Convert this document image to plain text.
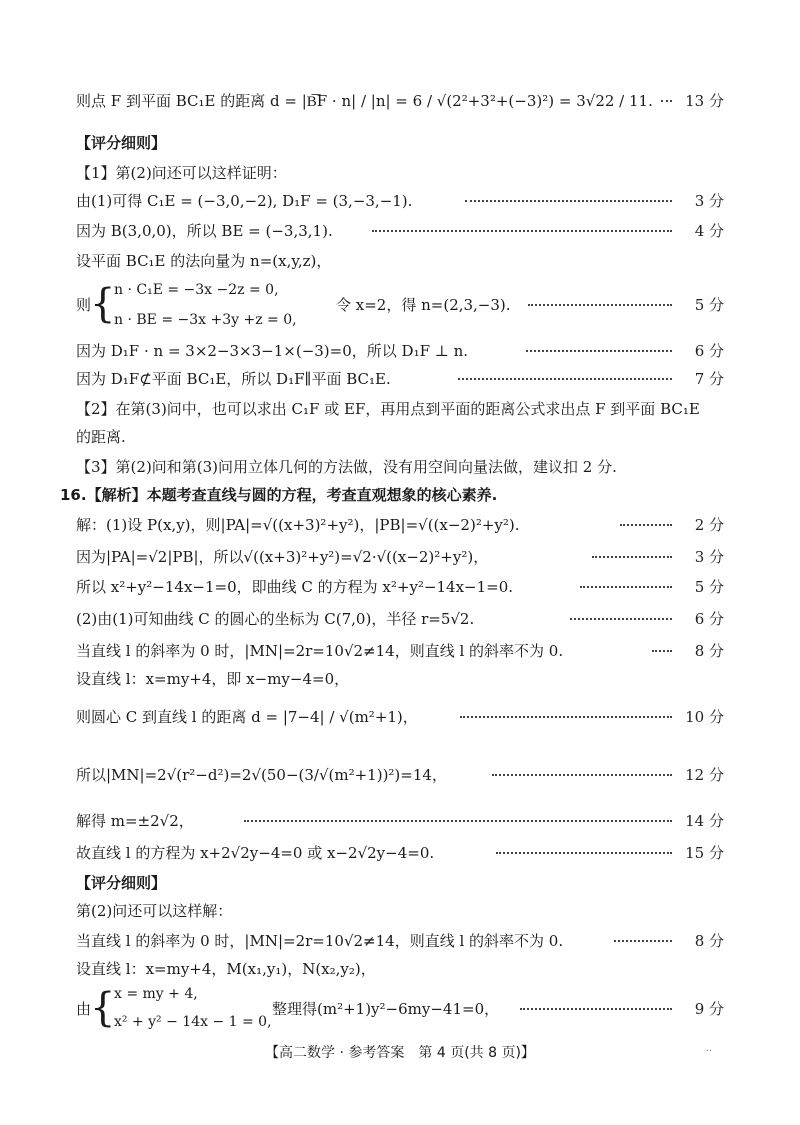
则点 F 到平面 BC₁E 的距离 d = |B͞F · n| / |n| = 6 / √(2²+3²+(−3)²) = 3√22 / 11. 13 分
【评分细则】
【1】第(2)问还可以这样证明：
由(1)可得 C₁E = (−3,0,−2), D₁F = (3,−3,−1).	3 分
因为 B(3,0,0)，所以 BE = (−3,3,1).	4 分
设平面 BC₁E 的法向量为 n=(x,y,z)，
则
{
n · C₁E = −3x −2z = 0,
n · BE = −3x +3y +z = 0,
令 x=2，得 n=(2,3,−3).	5 分
因为 D₁F · n = 3×2−3×3−1×(−3)=0，所以 D₁F ⊥ n.	6 分
因为 D₁F⊄平面 BC₁E，所以 D₁F∥平面 BC₁E.	7 分
【2】在第(3)问中，也可以求出 C₁F 或 EF，再用点到平面的距离公式求出点 F 到平面 BC₁E
的距离.
【3】第(2)问和第(3)问用立体几何的方法做，没有用空间向量法做，建议扣 2 分.
16.【解析】本题考查直线与圆的方程，考查直观想象的核心素养.
解：(1)设 P(x,y)，则|PA|=√((x+3)²+y²)，|PB|=√((x−2)²+y²).	2 分
因为|PA|=√2|PB|，所以√((x+3)²+y²)=√2·√((x−2)²+y²)，	3 分
所以 x²+y²−14x−1=0，即曲线 C 的方程为 x²+y²−14x−1=0.	5 分
(2)由(1)可知曲线 C 的圆心的坐标为 C(7,0)，半径 r=5√2.	6 分
当直线 l 的斜率为 0 时，|MN|=2r=10√2≠14，则直线 l 的斜率不为 0.	8 分
设直线 l：x=my+4，即 x−my−4=0，
则圆心 C 到直线 l 的距离 d = |7−4| / √(m²+1)，	10 分
所以|MN|=2√(r²−d²)=2√(50−(3/√(m²+1))²)=14，	12 分
解得 m=±2√2，	14 分
故直线 l 的方程为 x+2√2y−4=0 或 x−2√2y−4=0.	15 分
【评分细则】
第(2)问还可以这样解：
当直线 l 的斜率为 0 时，|MN|=2r=10√2≠14，则直线 l 的斜率不为 0.	8 分
设直线 l：x=my+4，M(x₁,y₁)，N(x₂,y₂)，
由
{
x = my + 4,
x² + y² − 14x − 1 = 0,
整理得(m²+1)y²−6my−41=0，	9 分
【高二数学 · 参考答案　第 4 页(共 8 页)】	··
